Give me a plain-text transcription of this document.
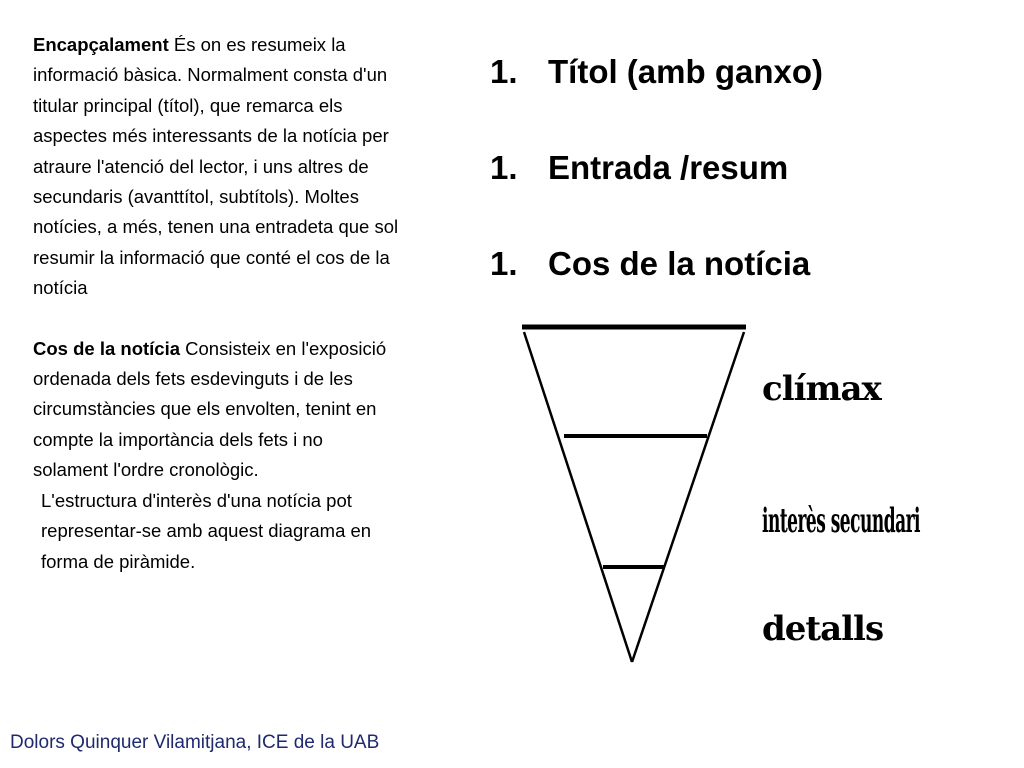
Encapçalament És on es resumeix la informació bàsica. Normalment consta d'un titular principal (títol), que remarca els aspectes més interessants de la notícia per atraure l'atenció del lector, i uns altres de secundaris (avanttítol, subtítols). Moltes notícies, a més, tenen una entradeta que sol resumir la informació que conté el cos de la notícia

Cos de la notícia Consisteix en l'exposició ordenada dels fets esdevinguts i de les circumstàncies que els envolten, tenint en compte la importància dels fets i no solament l'ordre cronològic.

L'estructura d'interès d'una notícia pot representar-se amb aquest diagrama en forma de piràmide.

1. Títol (amb ganxo)
1. Entrada /resum
1. Cos de la notícia
clímax
interès secundari
detalls
Dolors Quinquer Vilamitjana, ICE de la UAB
